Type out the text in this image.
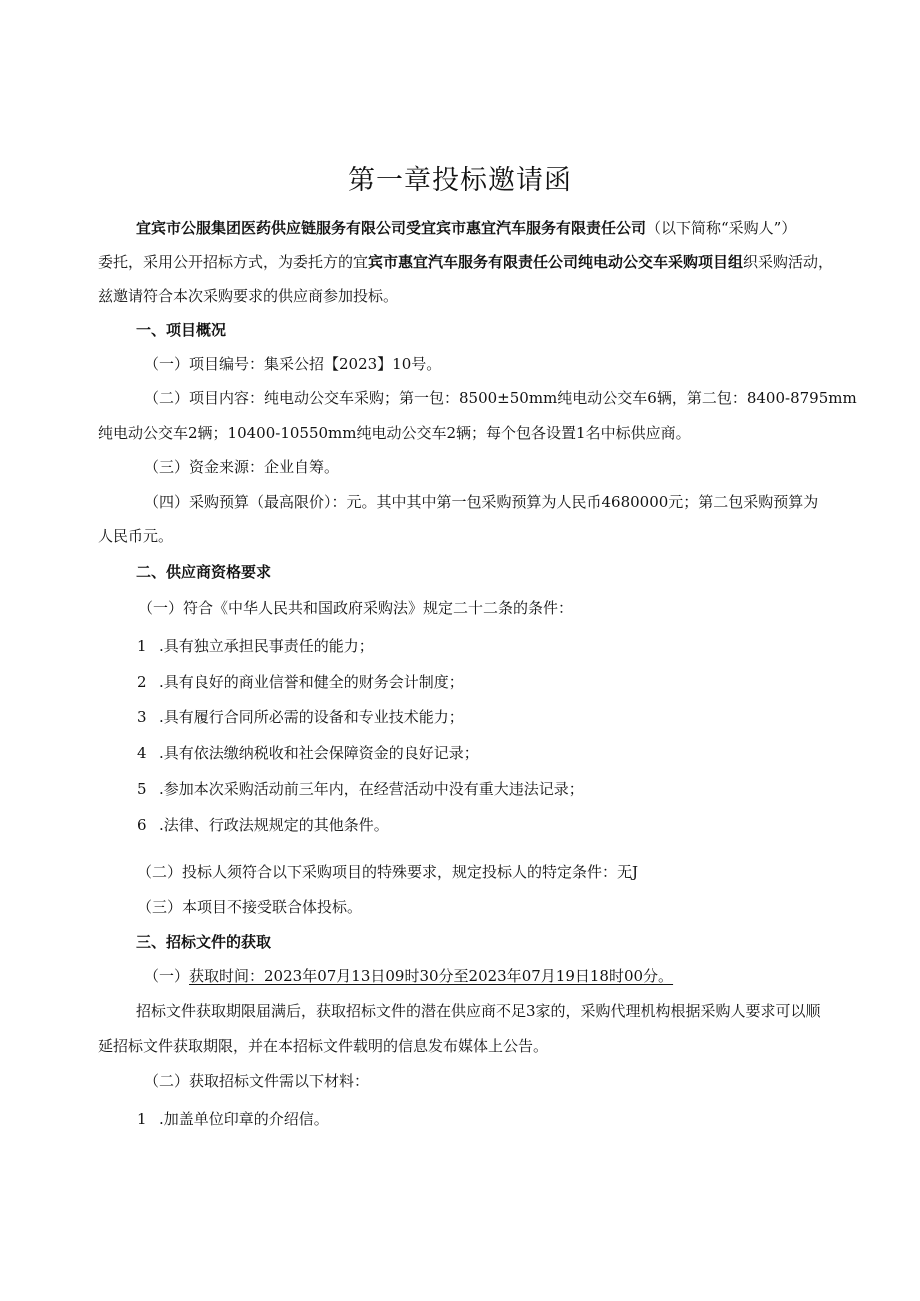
第一章投标邀请函
宜宾市公服集团医药供应链服务有限公司受宜宾市惠宜汽车服务有限责任公司（以下简称“采购人”）
委托，采用公开招标方式，为委托方的宜宾市惠宜汽车服务有限责任公司纯电动公交车采购项目组织采购活动，
兹邀请符合本次采购要求的供应商参加投标。
一、项目概况
（一）项目编号：集采公招【2023】10号。
（二）项目内容：纯电动公交车采购；第一包：8500±50mm纯电动公交车6辆，第二包：8400-8795mm
纯电动公交车2辆；10400-10550mm纯电动公交车2辆；每个包各设置1名中标供应商。
（三）资金来源：企业自筹。
（四）采购预算（最高限价）：元。其中其中第一包采购预算为人民币4680000元；第二包采购预算为
人民币元。
二、供应商资格要求
（一）符合《中华人民共和国政府采购法》规定二十二条的条件：
1 .具有独立承担民事责任的能力；
2 .具有良好的商业信誉和健全的财务会计制度；
3 .具有履行合同所必需的设备和专业技术能力；
4 .具有依法缴纳税收和社会保障资金的良好记录；
5 .参加本次采购活动前三年内，在经营活动中没有重大违法记录；
6 .法律、行政法规规定的其他条件。
（二）投标人须符合以下采购项目的特殊要求，规定投标人的特定条件：无J
（三）本项目不接受联合体投标。
三、招标文件的获取
（一）获取时间：2023年07月13日09时30分至2023年07月19日18时00分。
招标文件获取期限届满后，获取招标文件的潜在供应商不足3家的，采购代理机构根据采购人要求可以顺
延招标文件获取期限，并在本招标文件载明的信息发布媒体上公告。
（二）获取招标文件需以下材料：
1 .加盖单位印章的介绍信。
